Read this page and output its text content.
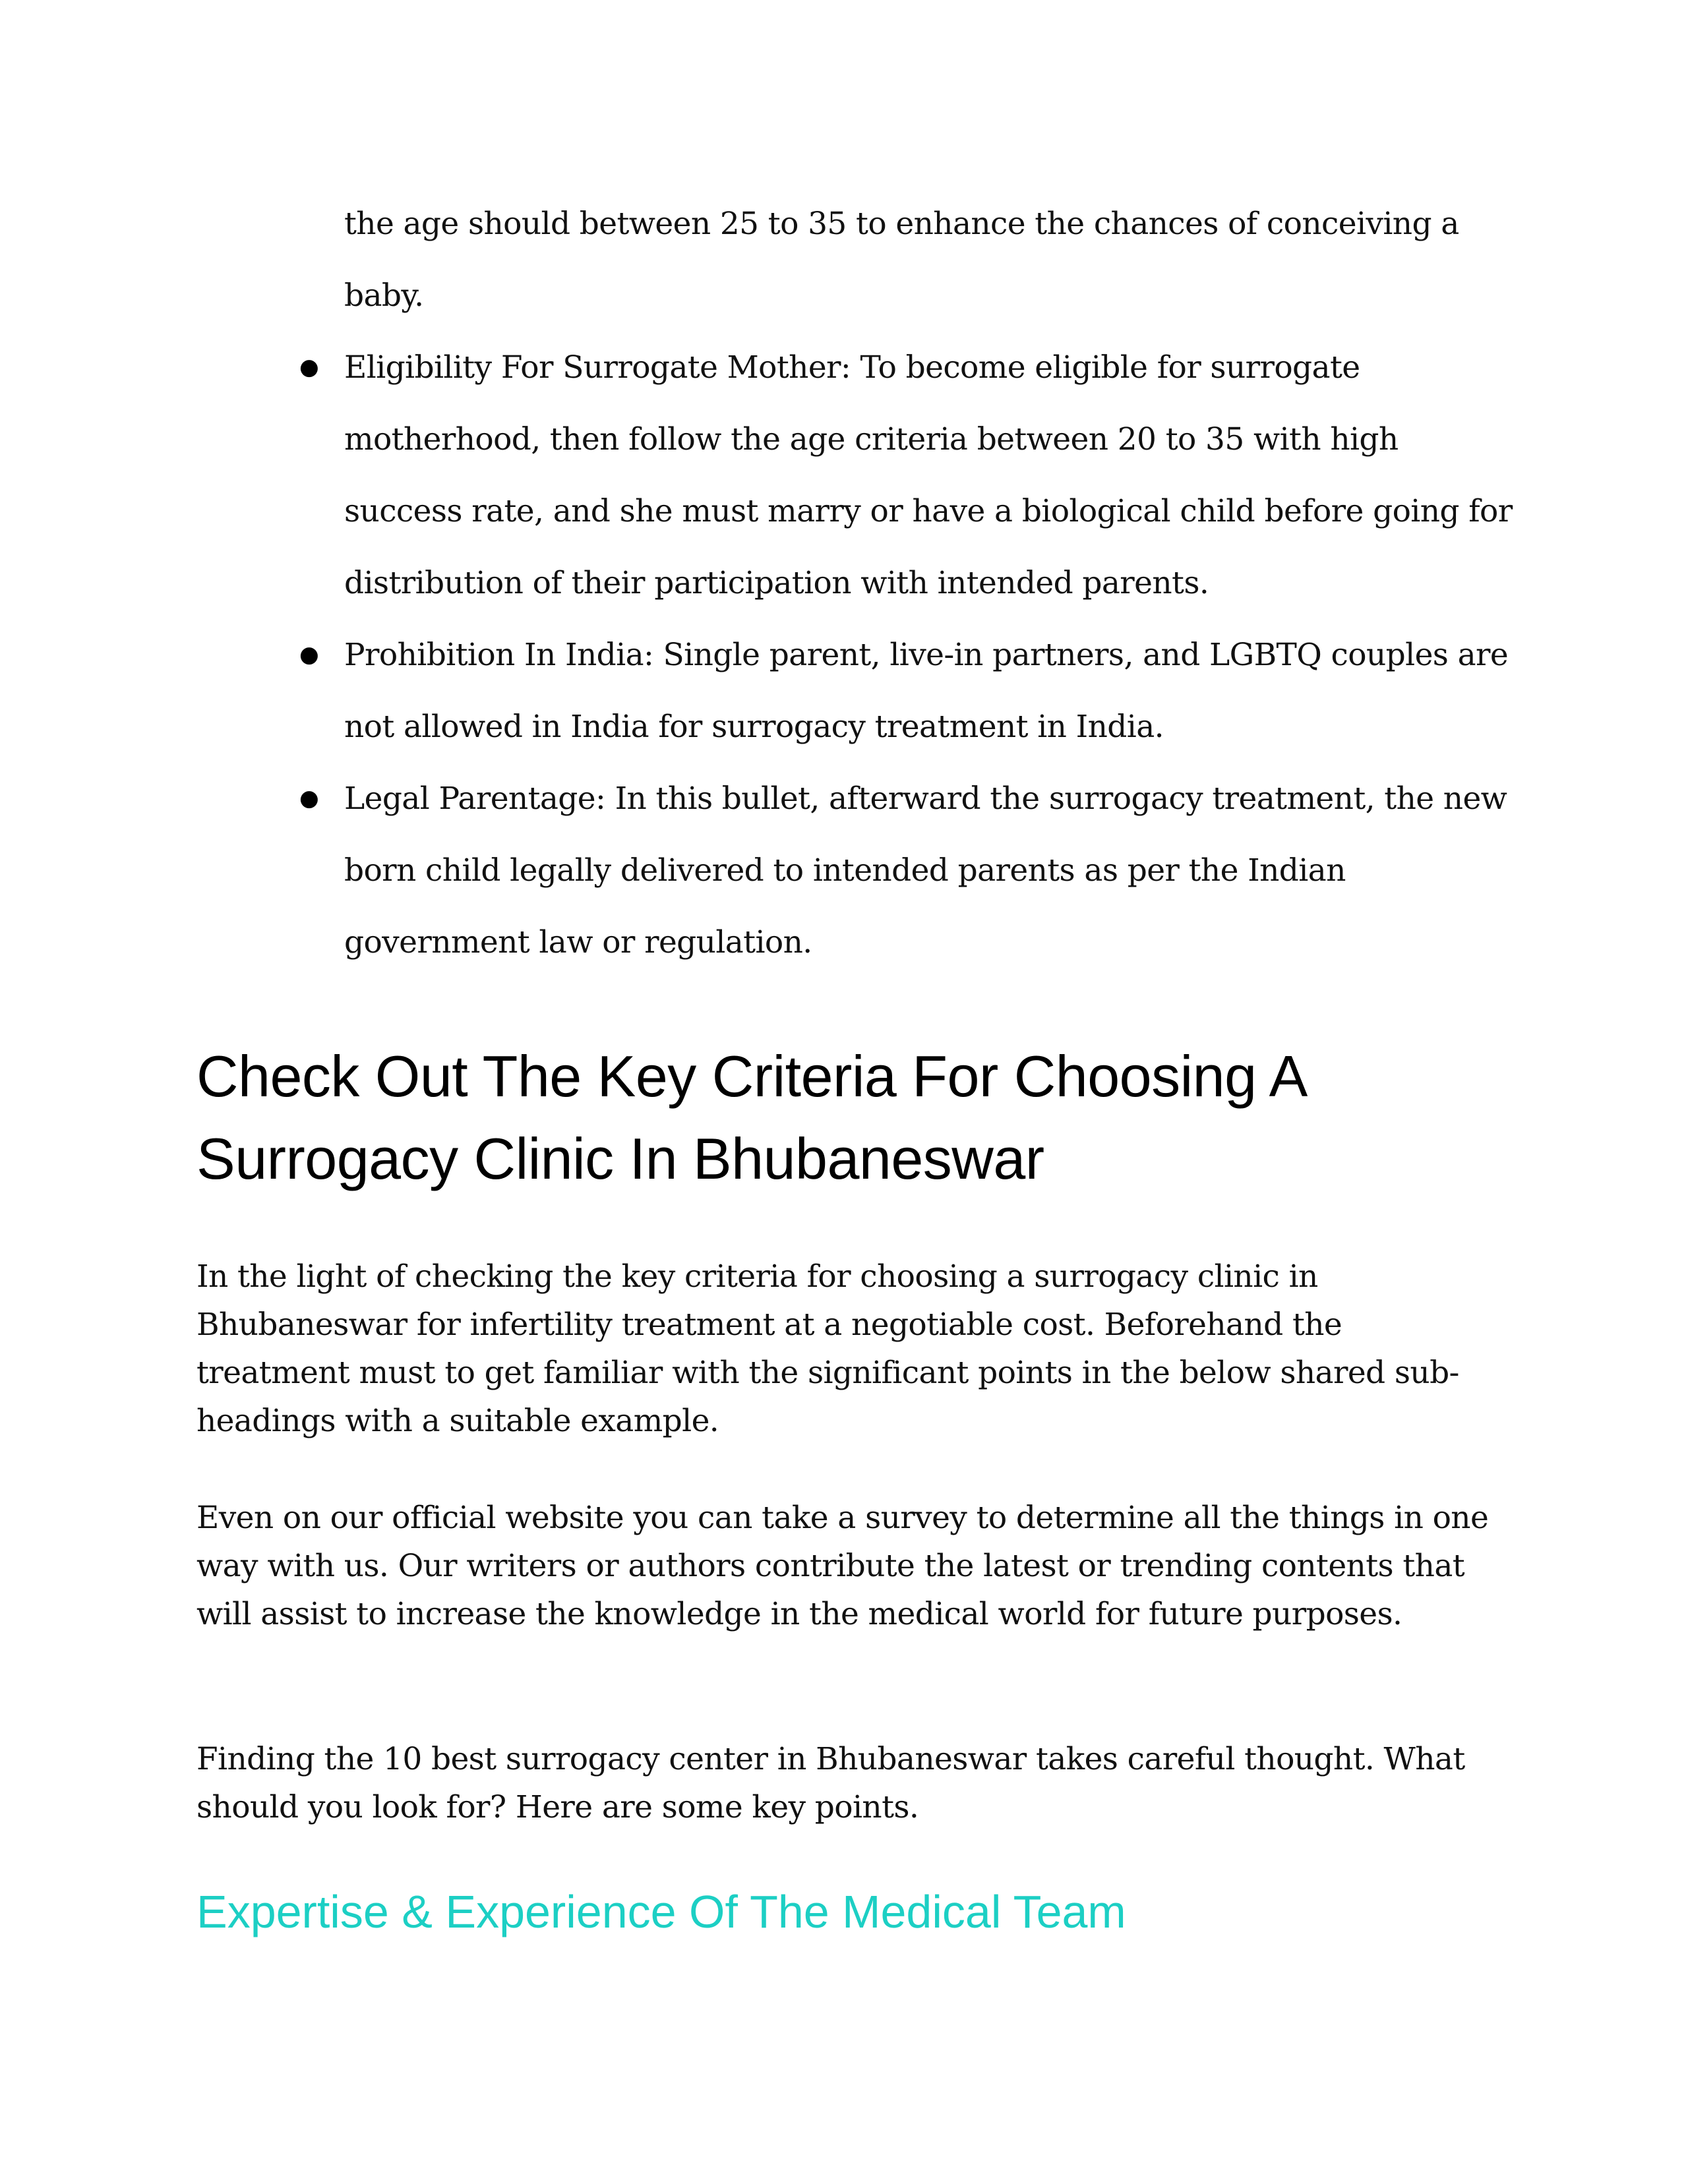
the age should between 25 to 35 to enhance the chances of conceiving a baby.
● Eligibility For Surrogate Mother: To become eligible for surrogate motherhood, then follow the age criteria between 20 to 35 with high success rate, and she must marry or have a biological child before going for distribution of their participation with intended parents.
● Prohibition In India: Single parent, live-in partners, and LGBTQ couples are not allowed in India for surrogacy treatment in India.
● Legal Parentage: In this bullet, afterward the surrogacy treatment, the new born child legally delivered to intended parents as per the Indian government law or regulation.
Check Out The Key Criteria For Choosing A Surrogacy Clinic In Bhubaneswar

In the light of checking the key criteria for choosing a surrogacy clinic in Bhubaneswar for infertility treatment at a negotiable cost. Beforehand the treatment must to get familiar with the significant points in the below shared sub-headings with a suitable example.

Even on our official website you can take a survey to determine all the things in one way with us. Our writers or authors contribute the latest or trending contents that will assist to increase the knowledge in the medical world for future purposes.

Finding the 10 best surrogacy center in Bhubaneswar takes careful thought. What should you look for? Here are some key points.

Expertise & Experience Of The Medical Team
